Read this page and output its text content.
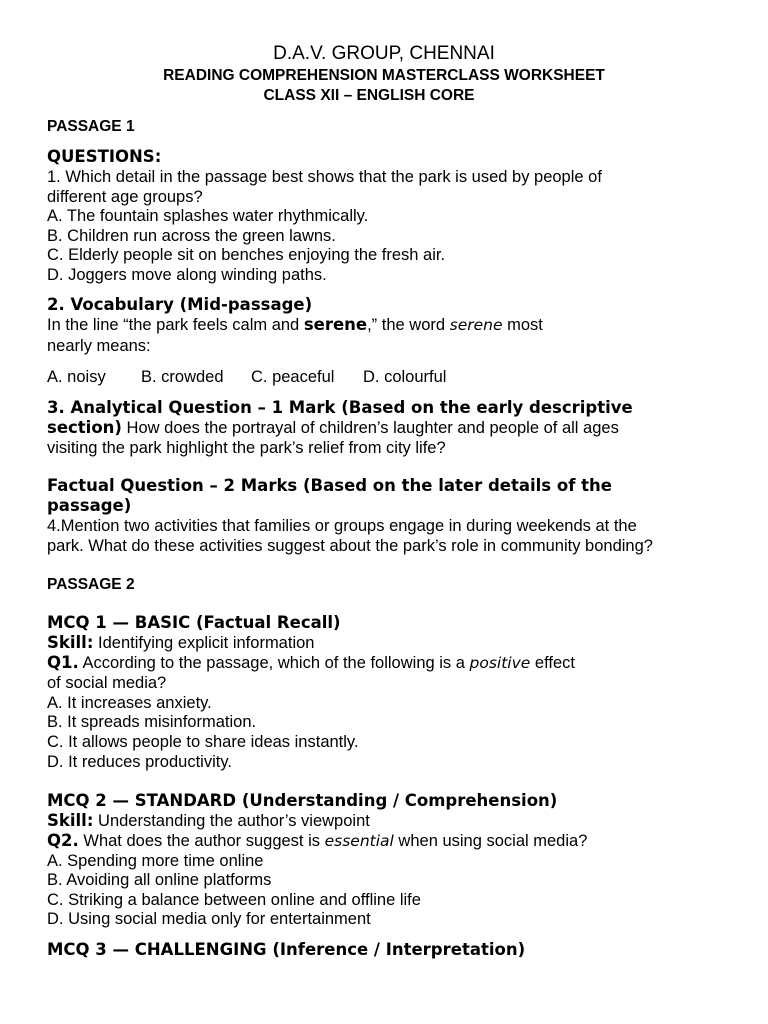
D.A.V. GROUP, CHENNAI
READING COMPREHENSION MASTERCLASS WORKSHEET
CLASS XII – ENGLISH CORE
PASSAGE 1
QUESTIONS:
1. Which detail in the passage best shows that the park is used by people of
different age groups?
A. The fountain splashes water rhythmically.
B. Children run across the green lawns.
C. Elderly people sit on benches enjoying the fresh air.
D. Joggers move along winding paths.
2. Vocabulary (Mid-passage)
In the line “the park feels calm and serene,” the word serene most
nearly means:
A. noisy B. crowded C. peaceful D. colourful
3. Analytical Question – 1 Mark (Based on the early descriptive
section) How does the portrayal of children’s laughter and people of all ages
visiting the park highlight the park’s relief from city life?
Factual Question – 2 Marks (Based on the later details of the
passage)
4.Mention two activities that families or groups engage in during weekends at the
park. What do these activities suggest about the park’s role in community bonding?
PASSAGE 2
MCQ 1 — BASIC (Factual Recall)
Skill: Identifying explicit information
Q1. According to the passage, which of the following is a positive effect
of social media?
A. It increases anxiety.
B. It spreads misinformation.
C. It allows people to share ideas instantly.
D. It reduces productivity.
MCQ 2 — STANDARD (Understanding / Comprehension)
Skill: Understanding the author’s viewpoint
Q2. What does the author suggest is essential when using social media?
A. Spending more time online
B. Avoiding all online platforms
C. Striking a balance between online and offline life
D. Using social media only for entertainment
MCQ 3 — CHALLENGING (Inference / Interpretation)
